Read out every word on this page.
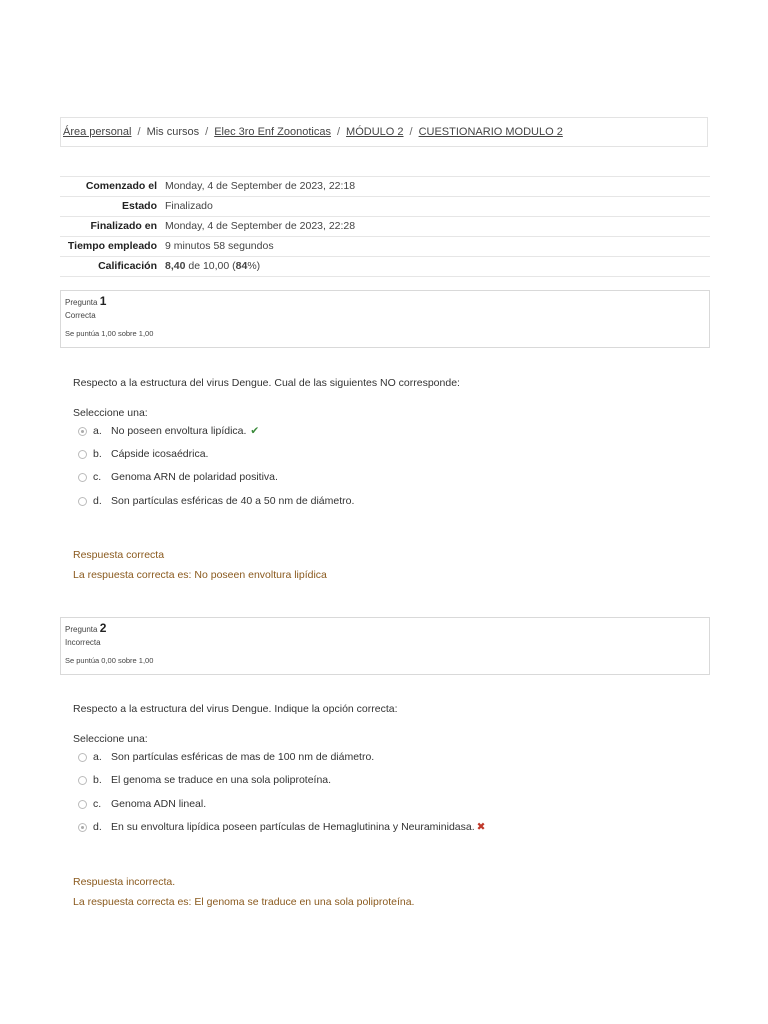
Área personal / Mis cursos / Elec 3ro Enf Zoonoticas / MÓDULO 2 / CUESTIONARIO MODULO 2
Comenzado el	Monday, 4 de September de 2023, 22:18
Estado	Finalizado
Finalizado en	Monday, 4 de September de 2023, 22:28
Tiempo empleado	9 minutos 58 segundos
Calificación	8,40 de 10,00 (84%)
Pregunta 1
Correcta
Se puntúa 1,00 sobre 1,00
Respecto a la estructura del virus Dengue. Cual de las siguientes NO corresponde:
Seleccione una:
a. No poseen envoltura lipídica. ✔
b. Cápside icosaédrica.
c. Genoma ARN de polaridad positiva.
d. Son partículas esféricas de 40 a 50 nm de diámetro.
Respuesta correcta
La respuesta correcta es: No poseen envoltura lipídica
Pregunta 2
Incorrecta
Se puntúa 0,00 sobre 1,00
Respecto a la estructura del virus Dengue. Indique la opción correcta:
Seleccione una:
a. Son partículas esféricas de mas de 100 nm de diámetro.
b. El genoma se traduce en una sola poliproteína.
c. Genoma ADN lineal.
d. En su envoltura lipídica poseen partículas de Hemaglutinina y Neuraminidasa. ✖
Respuesta incorrecta.
La respuesta correcta es: El genoma se traduce en una sola poliproteína.
